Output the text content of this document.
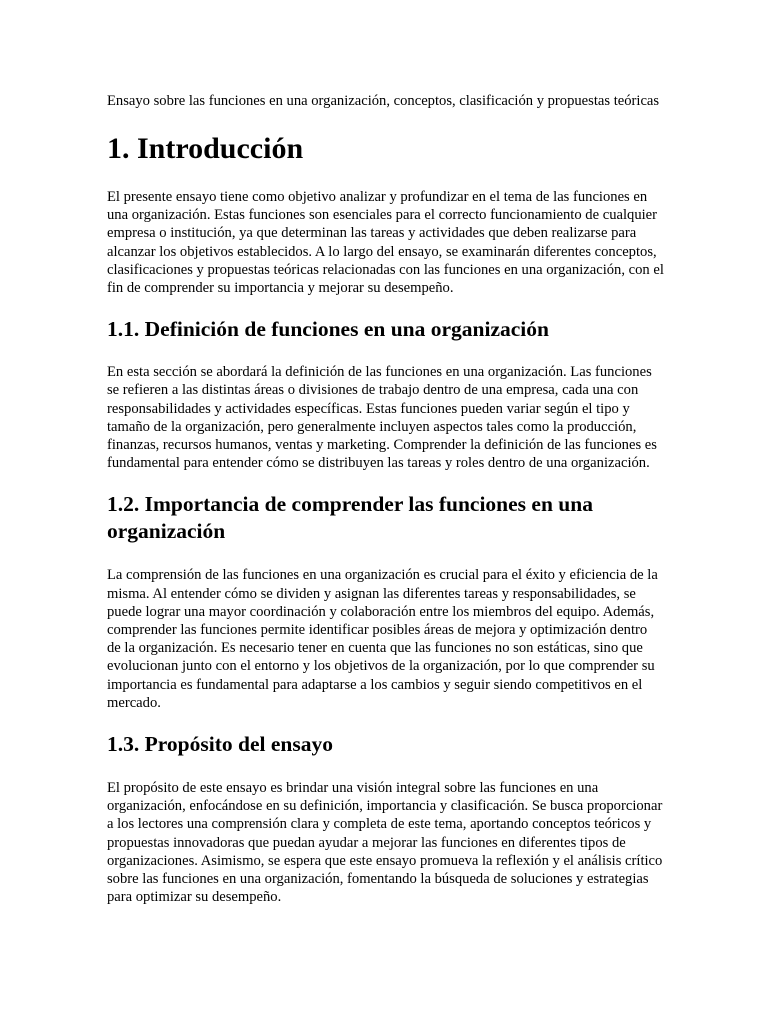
Ensayo sobre las funciones en una organización, conceptos, clasificación y propuestas teóricas

1. Introducción

El presente ensayo tiene como objetivo analizar y profundizar en el tema de las funciones en una organización. Estas funciones son esenciales para el correcto funcionamiento de cualquier empresa o institución, ya que determinan las tareas y actividades que deben realizarse para alcanzar los objetivos establecidos. A lo largo del ensayo, se examinarán diferentes conceptos, clasificaciones y propuestas teóricas relacionadas con las funciones en una organización, con el fin de comprender su importancia y mejorar su desempeño.

1.1. Definición de funciones en una organización

En esta sección se abordará la definición de las funciones en una organización. Las funciones se refieren a las distintas áreas o divisiones de trabajo dentro de una empresa, cada una con responsabilidades y actividades específicas. Estas funciones pueden variar según el tipo y tamaño de la organización, pero generalmente incluyen aspectos tales como la producción, finanzas, recursos humanos, ventas y marketing. Comprender la definición de las funciones es fundamental para entender cómo se distribuyen las tareas y roles dentro de una organización.

1.2. Importancia de comprender las funciones en una organización

La comprensión de las funciones en una organización es crucial para el éxito y eficiencia de la misma. Al entender cómo se dividen y asignan las diferentes tareas y responsabilidades, se puede lograr una mayor coordinación y colaboración entre los miembros del equipo. Además, comprender las funciones permite identificar posibles áreas de mejora y optimización dentro de la organización. Es necesario tener en cuenta que las funciones no son estáticas, sino que evolucionan junto con el entorno y los objetivos de la organización, por lo que comprender su importancia es fundamental para adaptarse a los cambios y seguir siendo competitivos en el mercado.

1.3. Propósito del ensayo

El propósito de este ensayo es brindar una visión integral sobre las funciones en una organización, enfocándose en su definición, importancia y clasificación. Se busca proporcionar a los lectores una comprensión clara y completa de este tema, aportando conceptos teóricos y propuestas innovadoras que puedan ayudar a mejorar las funciones en diferentes tipos de organizaciones. Asimismo, se espera que este ensayo promueva la reflexión y el análisis crítico sobre las funciones en una organización, fomentando la búsqueda de soluciones y estrategias para optimizar su desempeño.
